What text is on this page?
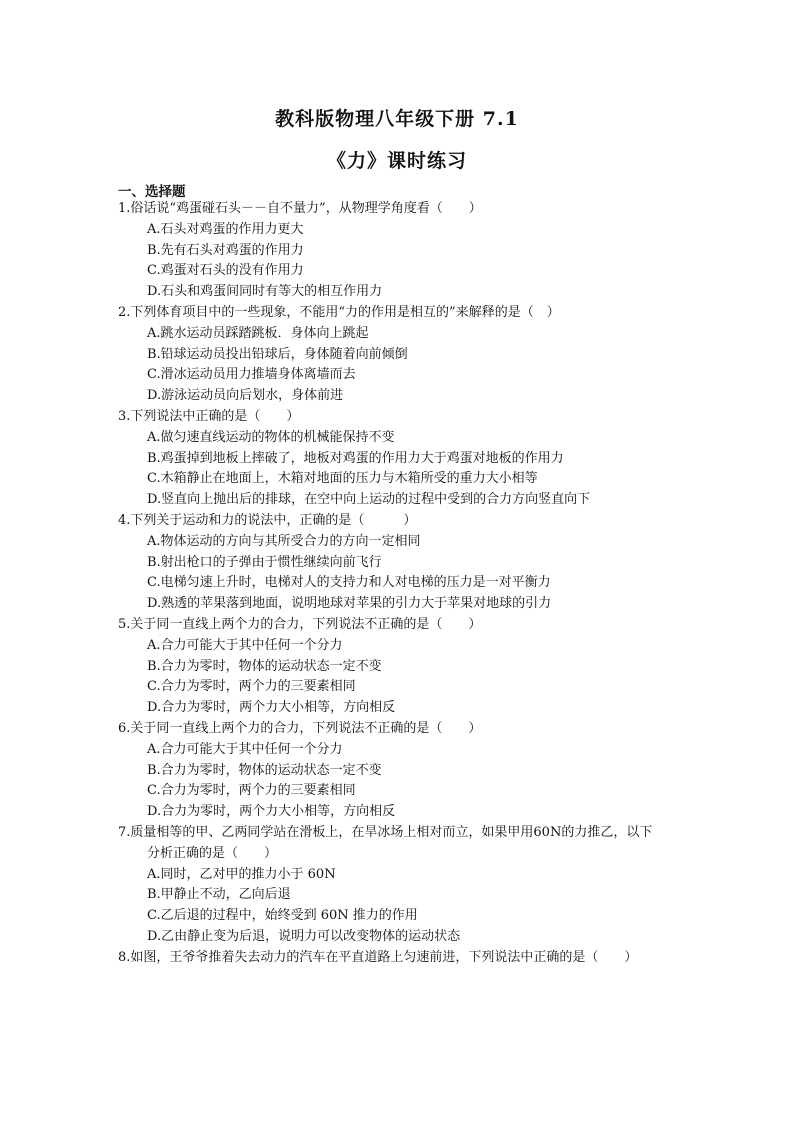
教科版物理八年级下册 7.1
《力》课时练习
一、选择题
1.俗话说“鸡蛋碰石头－－自不量力”，从物理学角度看（　　）
A.石头对鸡蛋的作用力更大
B.先有石头对鸡蛋的作用力
C.鸡蛋对石头的没有作用力
D.石头和鸡蛋间同时有等大的相互作用力
2.下列体育项目中的一些现象，不能用“力的作用是相互的”来解释的是（　）
A.跳水运动员踩踏跳板．身体向上跳起
B.铅球运动员投出铅球后，身体随着向前倾倒
C.滑冰运动员用力推墙身体离墙而去
D.游泳运动员向后划水，身体前进
3.下列说法中正确的是（　　）
A.做匀速直线运动的物体的机械能保持不变
B.鸡蛋掉到地板上摔破了，地板对鸡蛋的作用力大于鸡蛋对地板的作用力
C.木箱静止在地面上，木箱对地面的压力与木箱所受的重力大小相等
D.竖直向上抛出后的排球，在空中向上运动的过程中受到的合力方向竖直向下
4.下列关于运动和力的说法中，正确的是（　　　）
A.物体运动的方向与其所受合力的方向一定相同
B.射出枪口的子弹由于惯性继续向前飞行
C.电梯匀速上升时，电梯对人的支持力和人对电梯的压力是一对平衡力
D.熟透的苹果落到地面，说明地球对苹果的引力大于苹果对地球的引力
5.关于同一直线上两个力的合力，下列说法不正确的是（　　）
A.合力可能大于其中任何一个分力
B.合力为零时，物体的运动状态一定不变
C.合力为零时，两个力的三要素相同
D.合力为零时，两个力大小相等，方向相反
6.关于同一直线上两个力的合力，下列说法不正确的是（　　）
A.合力可能大于其中任何一个分力
B.合力为零时，物体的运动状态一定不变
C.合力为零时，两个力的三要素相同
D.合力为零时，两个力大小相等，方向相反
7.质量相等的甲、乙两同学站在滑板上，在旱冰场上相对而立，如果甲用60N的力推乙，以下
分析正确的是（　　）
A.同时，乙对甲的推力小于 60N
B.甲静止不动，乙向后退
C.乙后退的过程中，始终受到 60N 推力的作用
D.乙由静止变为后退，说明力可以改变物体的运动状态
8.如图，王爷爷推着失去动力的汽车在平直道路上匀速前进，下列说法中正确的是（　　）
